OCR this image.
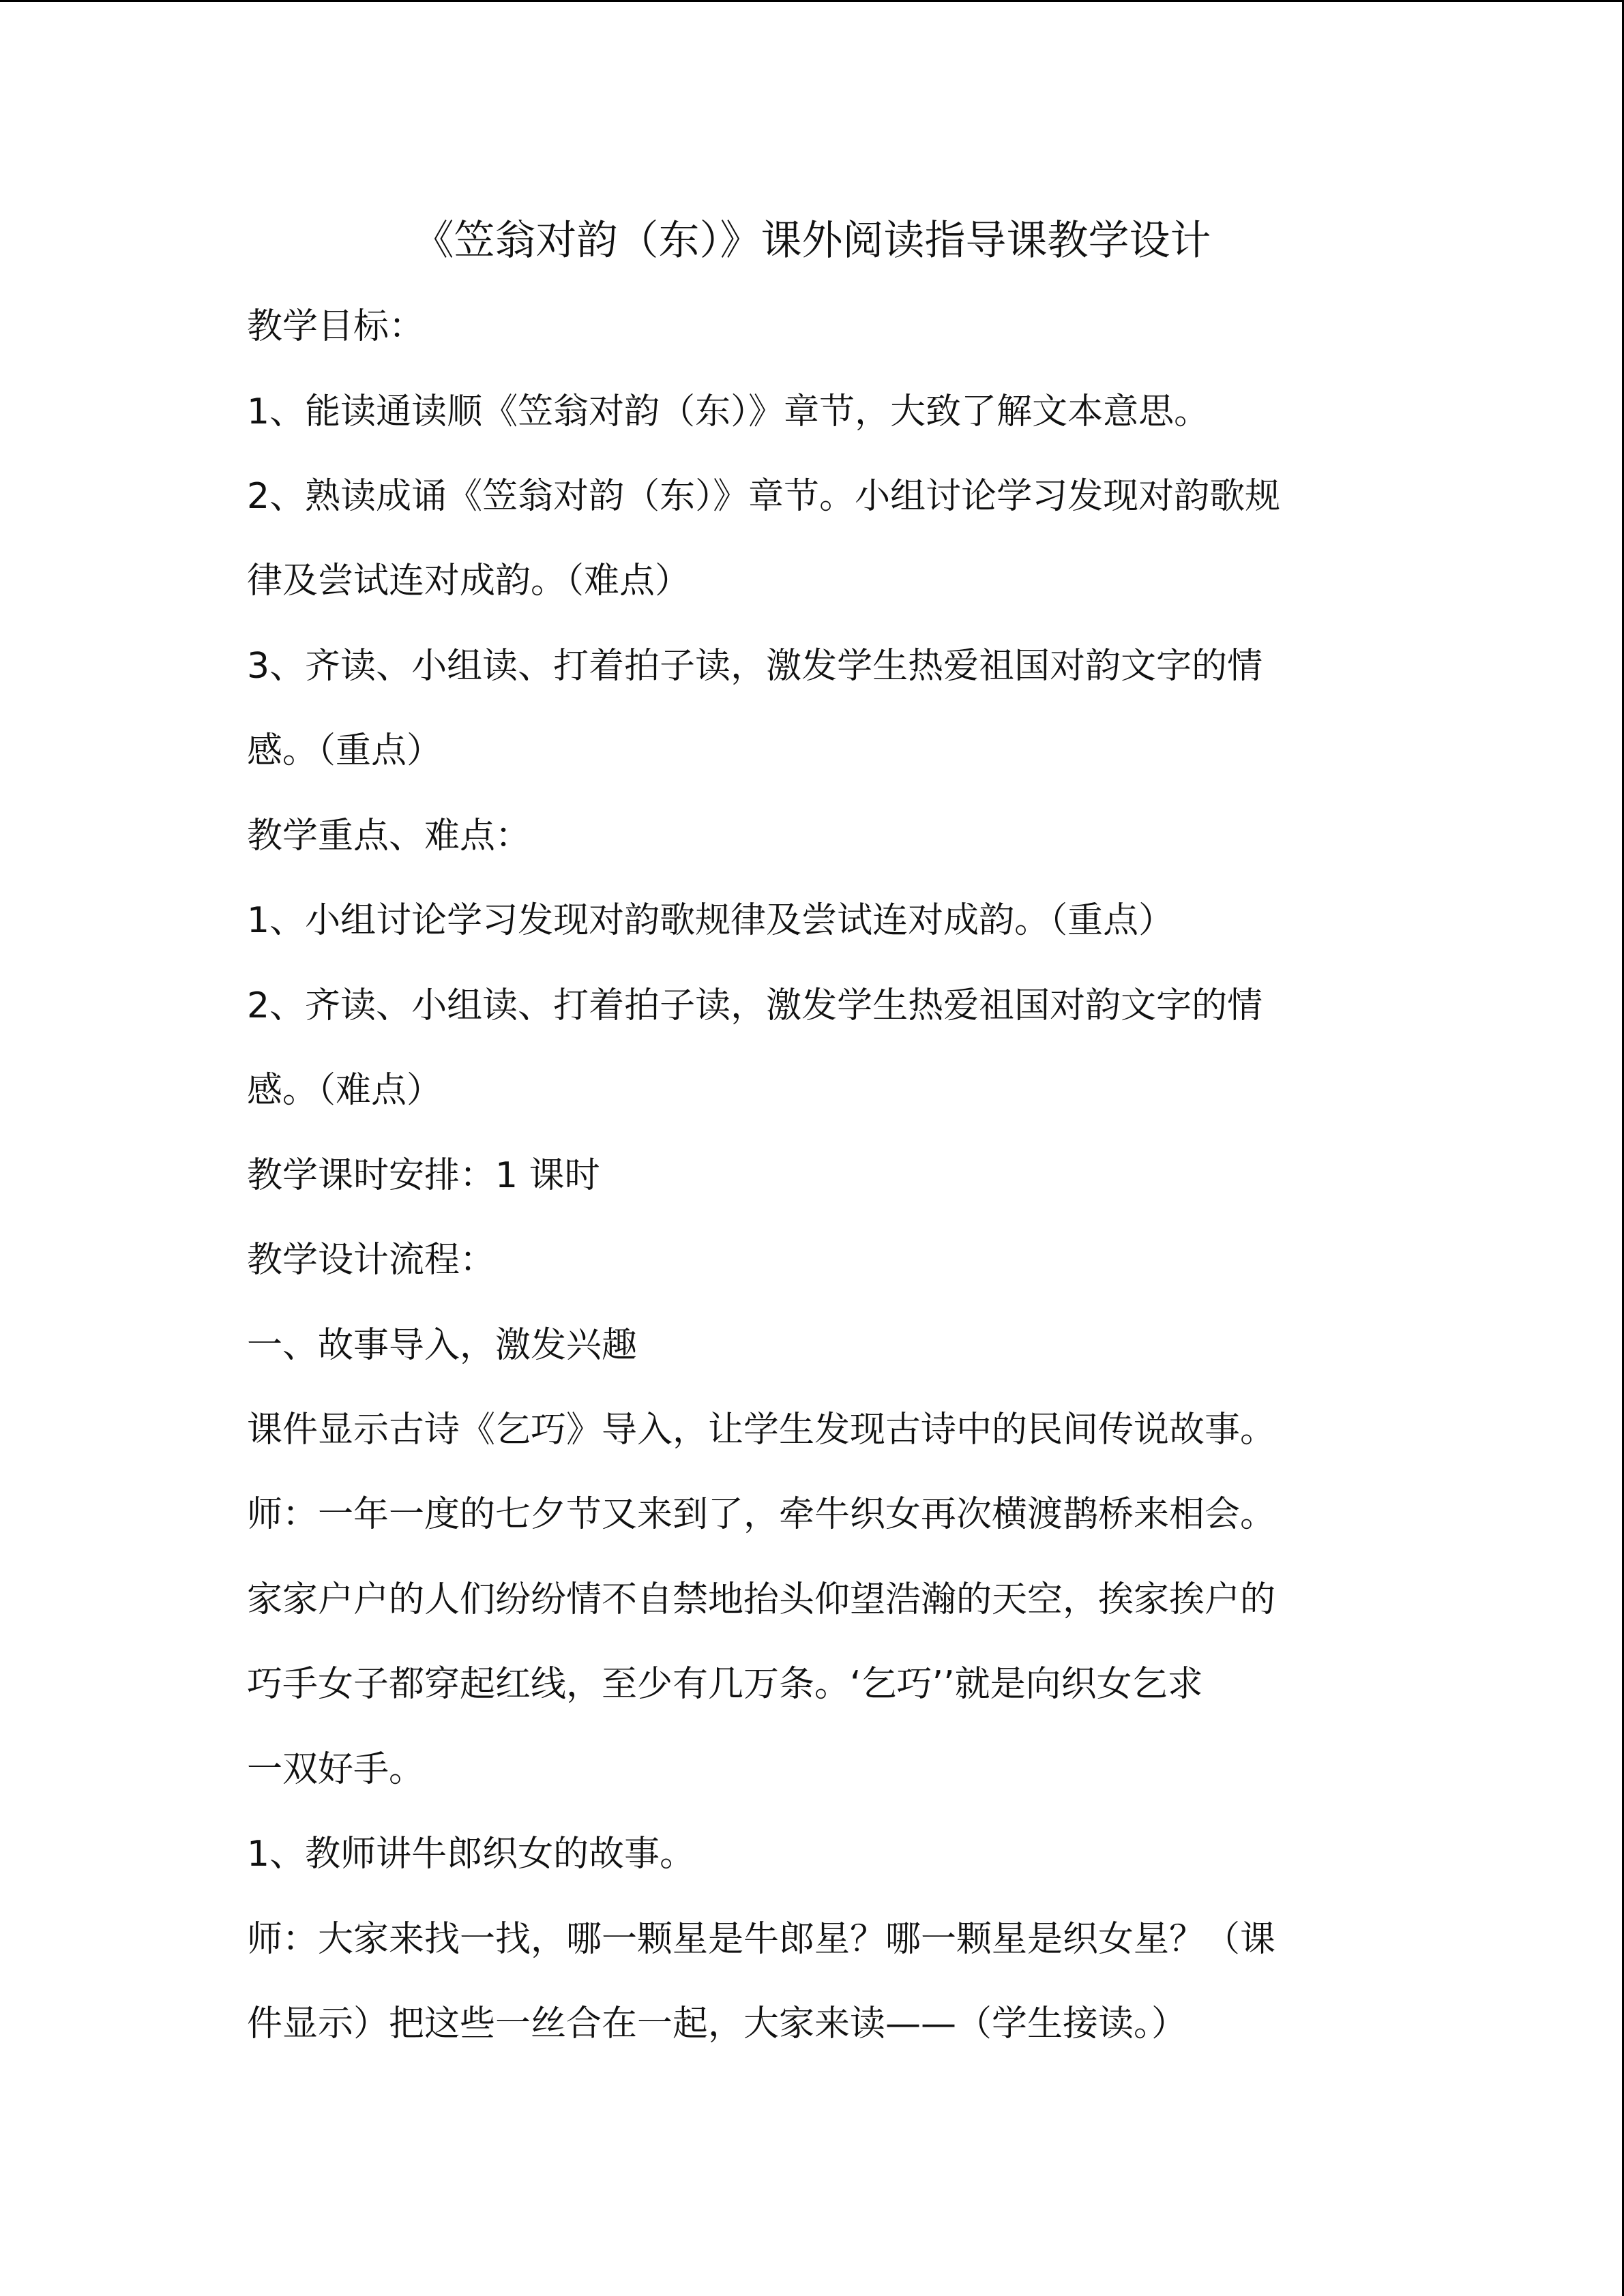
《笠翁对韵（东）》课外阅读指导课教学设计
教学目标：
1、能读通读顺《笠翁对韵（东）》章节，大致了解文本意思。
2、熟读成诵《笠翁对韵（东）》章节。小组讨论学习发现对韵歌规
律及尝试连对成韵。（难点）
3、齐读、小组读、打着拍子读，激发学生热爱祖国对韵文字的情
感。（重点）
教学重点、难点：
1、小组讨论学习发现对韵歌规律及尝试连对成韵。（重点）
2、齐读、小组读、打着拍子读，激发学生热爱祖国对韵文字的情
感。（难点）
教学课时安排：1 课时
教学设计流程：
一、故事导入，激发兴趣
课件显示古诗《乞巧》导入，让学生发现古诗中的民间传说故事。
师：一年一度的七夕节又来到了，牵牛织女再次横渡鹊桥来相会。
家家户户的人们纷纷情不自禁地抬头仰望浩瀚的天空，挨家挨户的
巧手女子都穿起红线，至少有几万条。‘乞巧’’就是向织女乞求
一双好手。
1、教师讲牛郎织女的故事。
师：大家来找一找，哪一颗星是牛郎星？哪一颗星是织女星？（课
件显示）把这些一丝合在一起，大家来读——（学生接读。）
